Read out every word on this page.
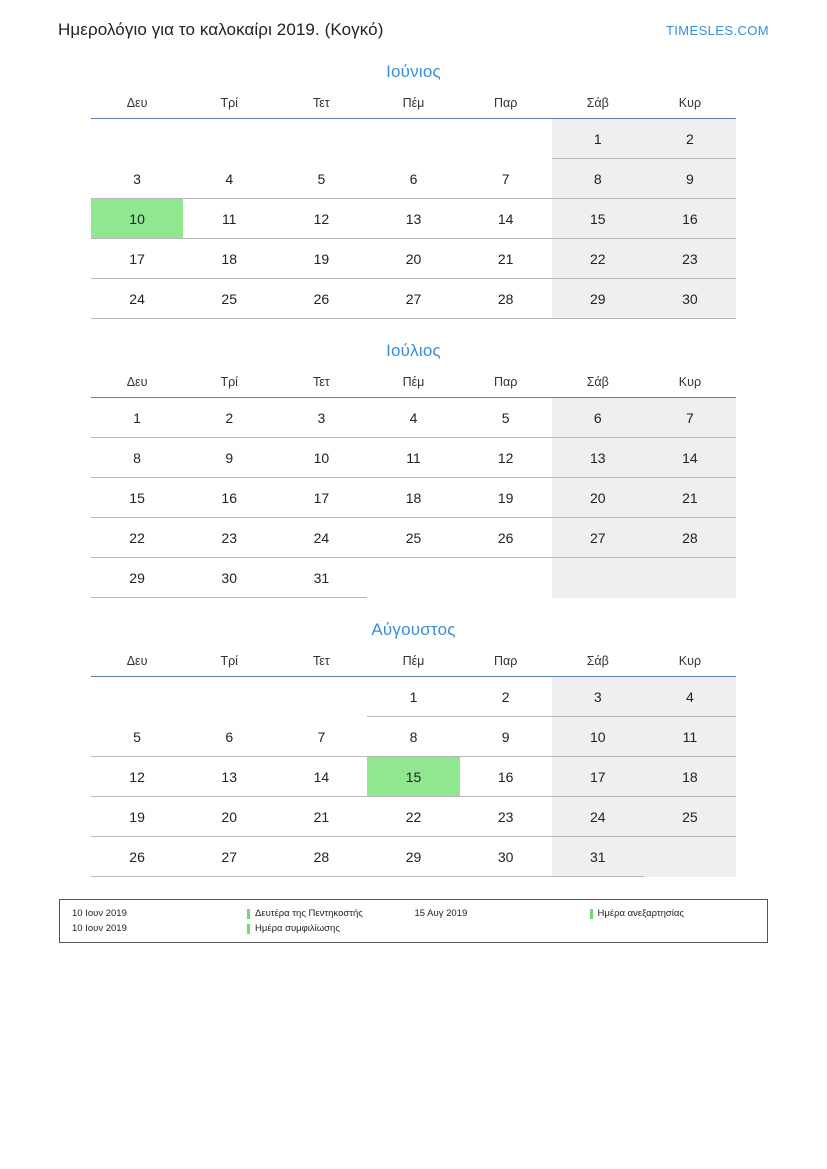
Ημερολόγιο για το καλοκαίρι 2019. (Κογκό)	TIMESLES.COM
Ιούνιος
Δευ	Τρί	Τετ	Πέμ	Παρ	Σάβ	Κυρ
					1	2
3	4	5	6	7	8	9
10	11	12	13	14	15	16
17	18	19	20	21	22	23
24	25	26	27	28	29	30
Ιούλιος
Δευ	Τρί	Τετ	Πέμ	Παρ	Σάβ	Κυρ
1	2	3	4	5	6	7
8	9	10	11	12	13	14
15	16	17	18	19	20	21
22	23	24	25	26	27	28
29	30	31				
Αύγουστος
Δευ	Τρί	Τετ	Πέμ	Παρ	Σάβ	Κυρ
			1	2	3	4
5	6	7	8	9	10	11
12	13	14	15	16	17	18
19	20	21	22	23	24	25
26	27	28	29	30	31	
10 Ιουν 2019	Δευτέρα της Πεντηκοστής
10 Ιουν 2019	Ημέρα συμφιλίωσης
15 Αυγ 2019	Ημέρα ανεξαρτησίας
